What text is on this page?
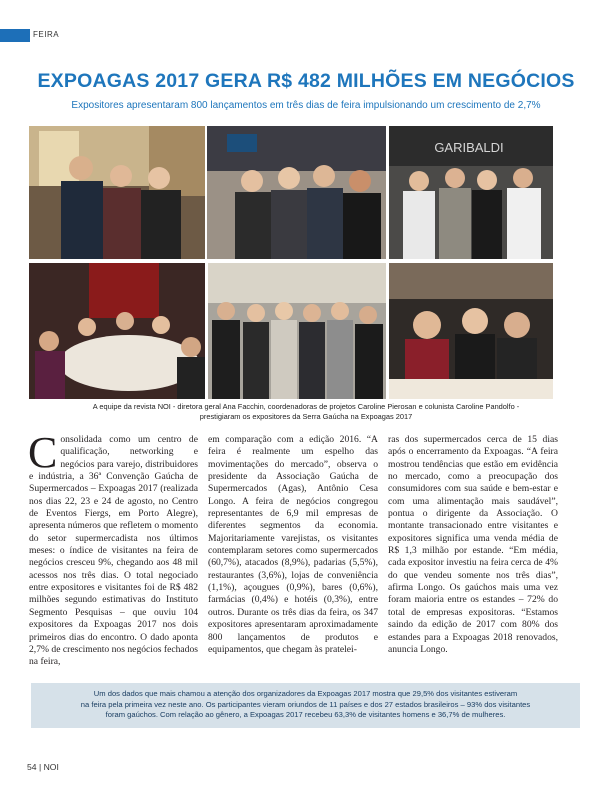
FEIRA
EXPOAGAS 2017 GERA R$ 482 MILHÕES EM NEGÓCIOS
Expositores apresentaram 800 lançamentos em três dias de feira impulsionando um crescimento de 2,7%
GARIBALDI
A equipe da revista NOI - diretora geral Ana Facchin, coordenadoras de projetos Caroline Pierosan e colunista Caroline Pandolfo -
prestigiaram os expositores da Serra Gaúcha na Expoagas 2017
Consolidada como um centro de qualificação, networking e negócios para varejo, distribuidores e indústria, a 36ª Convenção Gaúcha de Supermercados – Expoagas 2017 (realizada nos dias 22, 23 e 24 de agosto, no Centro de Eventos Fiergs, em Porto Alegre), apresenta números que refletem o momento do setor supermercadista nos últimos meses: o índice de visitantes na feira de negócios cresceu 9%, chegando aos 48 mil acessos nos três dias. O total negociado entre expositores e visitantes foi de R$ 482 milhões segundo estimativas do Instituto Segmento Pesquisas – que ouviu 104 expositores da Expoagas 2017 nos dois primeiros dias do encontro. O dado aponta 2,7% de crescimento nos negócios fechados na feira,
em comparação com a edição 2016. “A feira é realmente um espelho das movimentações do mercado”, observa o presidente da Associação Gaúcha de Supermercados (Agas), Antônio Cesa Longo. A feira de negócios congregou representantes de 6,9 mil empresas de diferentes segmentos da economia. Majoritariamente varejistas, os visitantes contemplaram setores como supermercados (60,7%), atacados (8,9%), padarias (5,5%), restaurantes (3,6%), lojas de conveniência (1,1%), açougues (0,9%), bares (0,6%), farmácias (0,4%) e hotéis (0,3%), entre outros. Durante os três dias da feira, os 347 expositores apresentaram aproximadamente 800 lançamentos de produtos e equipamentos, que chegam às pratelei-
ras dos supermercados cerca de 15 dias após o encerramento da Expoagas. “A feira mostrou tendências que estão em evidência no mercado, como a preocupação dos consumidores com sua saúde e bem-estar e com uma alimentação mais saudável”, pontua o dirigente da Associação. O montante transacionado entre visitantes e expositores significa uma venda média de R$ 1,3 milhão por estande. “Em média, cada expositor investiu na feira cerca de 4% do que vendeu somente nos três dias”, afirma Longo. Os gaúchos mais uma vez foram maioria entre os estandes – 72% do total de empresas expositoras. “Estamos saindo da edição de 2017 com 80% dos estandes para a Expoagas 2018 renovados, anuncia Longo.
Um dos dados que mais chamou a atenção dos organizadores da Expoagas 2017 mostra que 29,5% dos visitantes estiveram
na feira pela primeira vez neste ano. Os participantes vieram oriundos de 11 países e dos 27 estados brasileiros – 93% dos visitantes
foram gaúchos. Com relação ao gênero, a Expoagas 2017 recebeu 63,3% de visitantes homens e 36,7% de mulheres.
54 | NOI
